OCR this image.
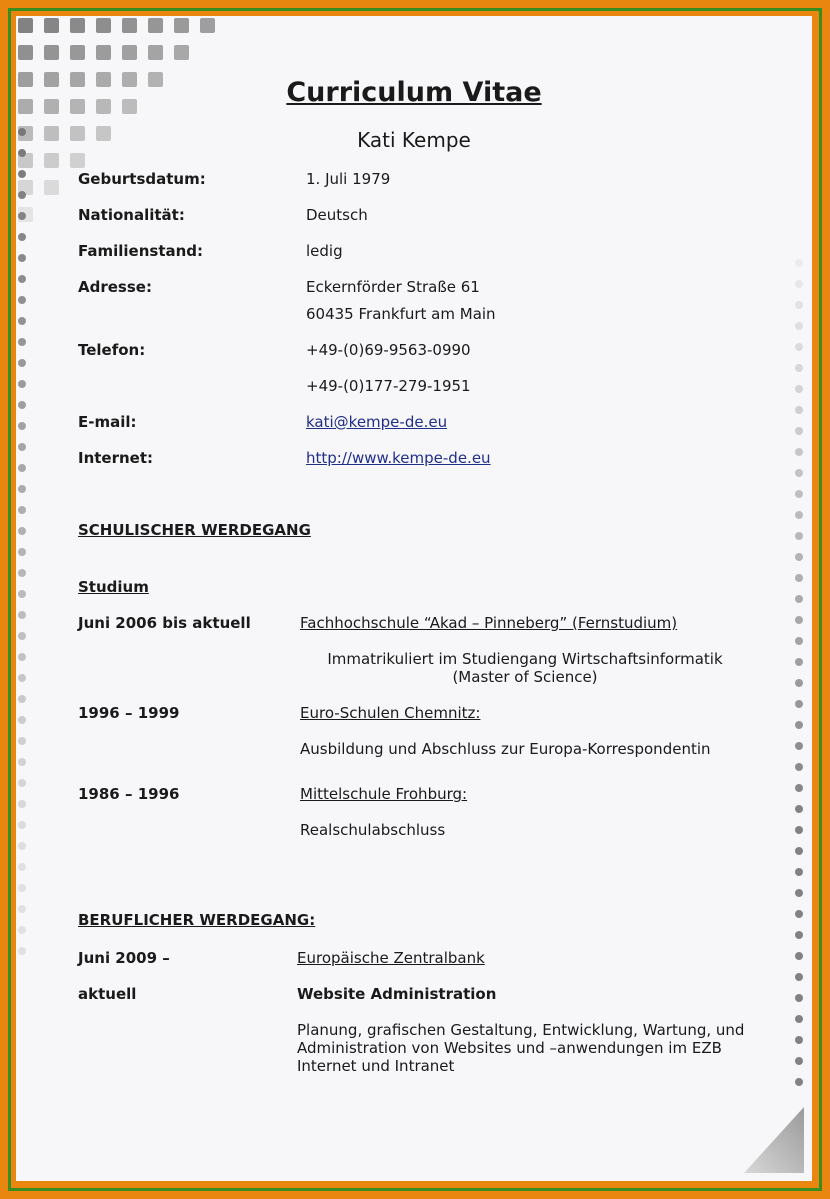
Curriculum Vitae
Kati Kempe
Geburtsdatum:	1. Juli 1979
Nationalität:	Deutsch
Familienstand:	ledig
Adresse:	Eckernförder Straße 61
60435 Frankfurt am Main
Telefon:	+49-(0)69-9563-0990
+49-(0)177-279-1951
E-mail:	kati@kempe-de.eu
Internet:	http://www.kempe-de.eu
SCHULISCHER WERDEGANG
Studium
Juni 2006 bis aktuell	Fachhochschule “Akad – Pinneberg” (Fernstudium)
Immatrikuliert im Studiengang Wirtschaftsinformatik
(Master of Science)
1996 – 1999	Euro-Schulen Chemnitz:
Ausbildung und Abschluss zur Europa-Korrespondentin
1986 – 1996	Mittelschule Frohburg:
Realschulabschluss
BERUFLICHER WERDEGANG:
Juni 2009 –	Europäische Zentralbank
aktuell	Website Administration
Planung, grafischen Gestaltung, Entwicklung, Wartung, und
Administration von Websites und –anwendungen im EZB
Internet und Intranet
